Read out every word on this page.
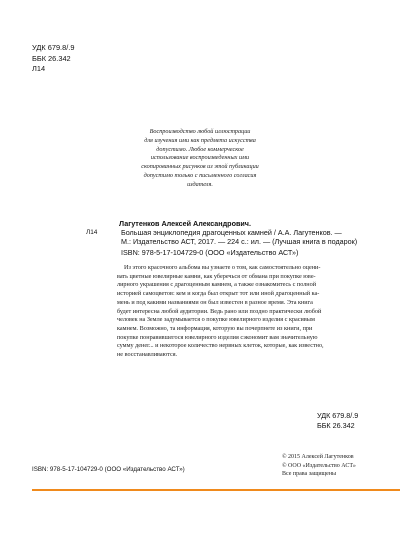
УДК 679.8/.9
ББК 26.342
Л14
Воспроизводство любой иллюстрации
для изучения ими как предмета искусства
допустимо. Любое коммерческое
использование воспроизведенных ими
скопированных рисунков из этой публикации
допустимо только с письменного согласия
издателя.
Л14
Лагутенков Алексей Александрович.
Большая энциклопедия драгоценных камней / А.А. Лагутенков. —
М.: Издательство АСТ, 2017. — 224 с.: ил. — (Лучшая книга в подарок)
ISBN: 978-5-17-104729-0 (ООО «Издательство АСТ»)
Из этого красочного альбома вы узнаете о том, как самостоятельно оцени-
вать цветные ювелирные камни, как уберечься от обмана при покупке юве-
лирного украшения с драгоценным камнем, а также ознакомитесь с полной
историей самоцветов: кем и когда был открыт тот или иной драгоценный ка-
мень и под какими названиями он был известен в разное время. Эта книга
будет интересна любой аудитории. Ведь рано или поздно практически любой
человек на Земле задумывается о покупке ювелирного изделия с красивым
камнем. Возможно, та информация, которую вы почерпнете из книги, при
покупке понравившегося ювелирного изделия сэкономит вам значительную
сумму денег... и некоторое количество нервных клеток, которые, как известно,
не восстанавливаются.
УДК 679.8/.9
ББК 26.342
© 2015 Алексей Лагутенков
© ООО «Издательство АСТ»
Все права защищены
ISBN: 978-5-17-104729-0 (ООО «Издательство АСТ»)
